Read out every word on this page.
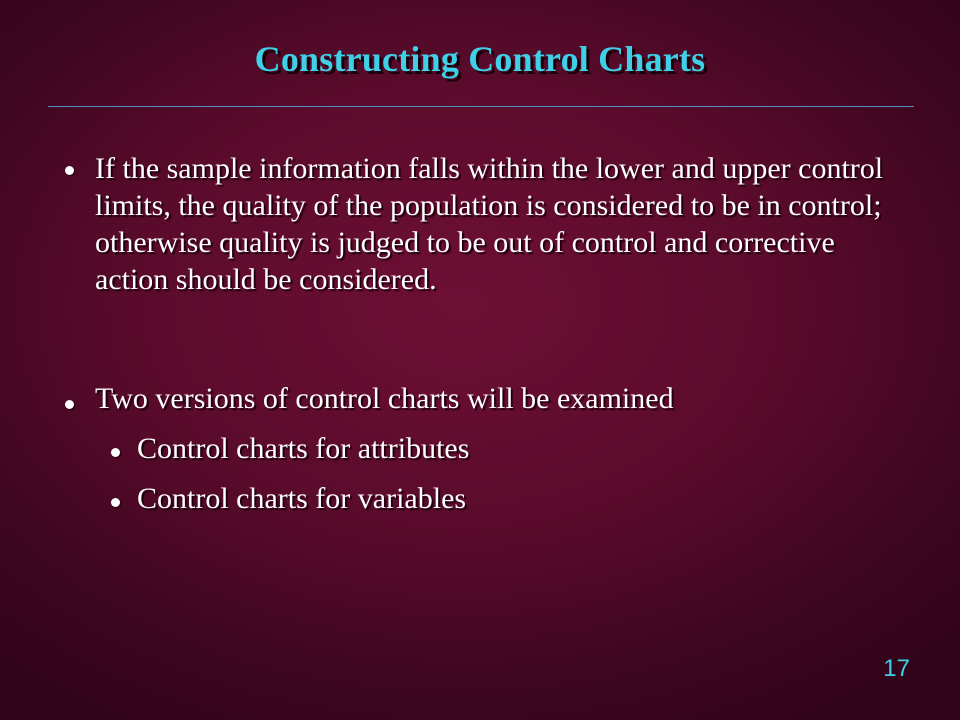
Constructing Control Charts
If the sample information falls within the lower and upper control limits, the quality of the population is considered to be in control; otherwise quality is judged to be out of control and corrective action should be considered.
Two versions of control charts will be examined
Control charts for attributes
Control charts for variables
17
